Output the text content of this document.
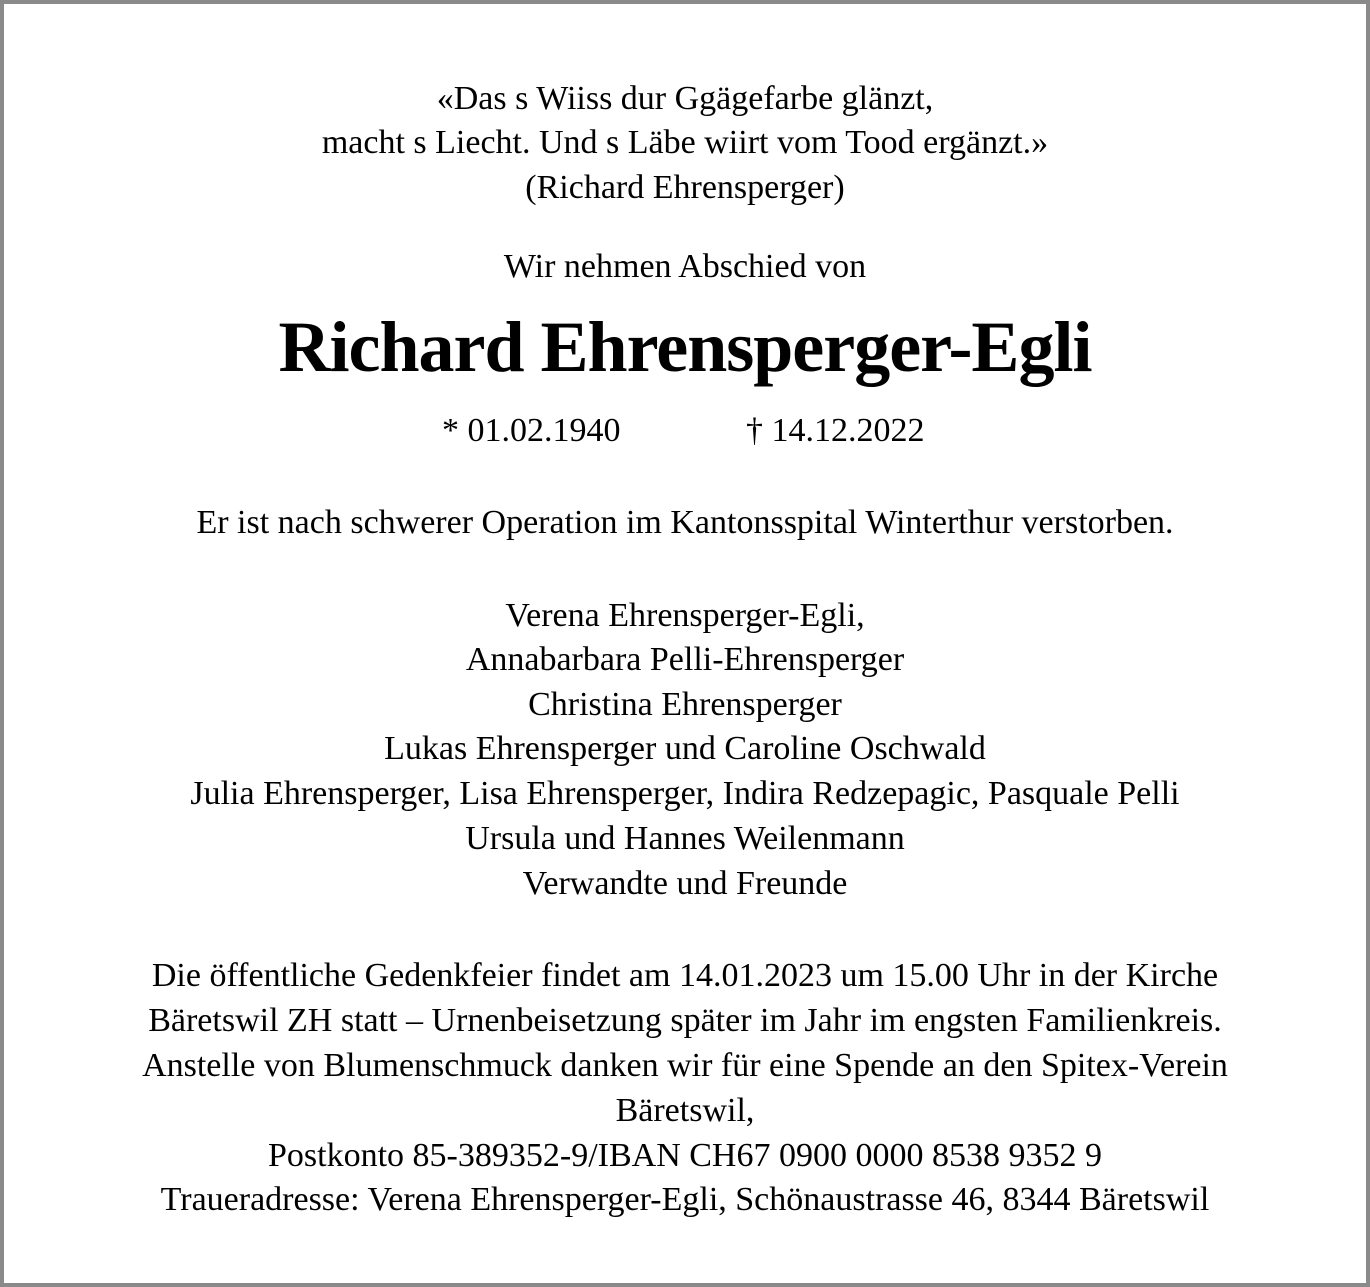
«Das s Wiiss dur Ggägefarbe glänzt,
macht s Liecht. Und s Läbe wiirt vom Tood ergänzt.»
(Richard Ehrensperger)
Wir nehmen Abschied von
Richard Ehrensperger-Egli
* 01.02.1940	† 14.12.2022
Er ist nach schwerer Operation im Kantonsspital Winterthur verstorben.
Verena Ehrensperger-Egli,
Annabarbara Pelli-Ehrensperger
Christina Ehrensperger
Lukas Ehrensperger und Caroline Oschwald
Julia Ehrensperger, Lisa Ehrensperger, Indira Redzepagic, Pasquale Pelli
Ursula und Hannes Weilenmann
Verwandte und Freunde
Die öffentliche Gedenkfeier findet am 14.01.2023 um 15.00 Uhr in der Kirche
Bäretswil ZH statt – Urnenbeisetzung später im Jahr im engsten Familienkreis.
Anstelle von Blumenschmuck danken wir für eine Spende an den Spitex-Verein
Bäretswil,
Postkonto 85-389352-9/IBAN CH67 0900 0000 8538 9352 9
Traueradresse: Verena Ehrensperger-Egli, Schönaustrasse 46, 8344 Bäretswil
